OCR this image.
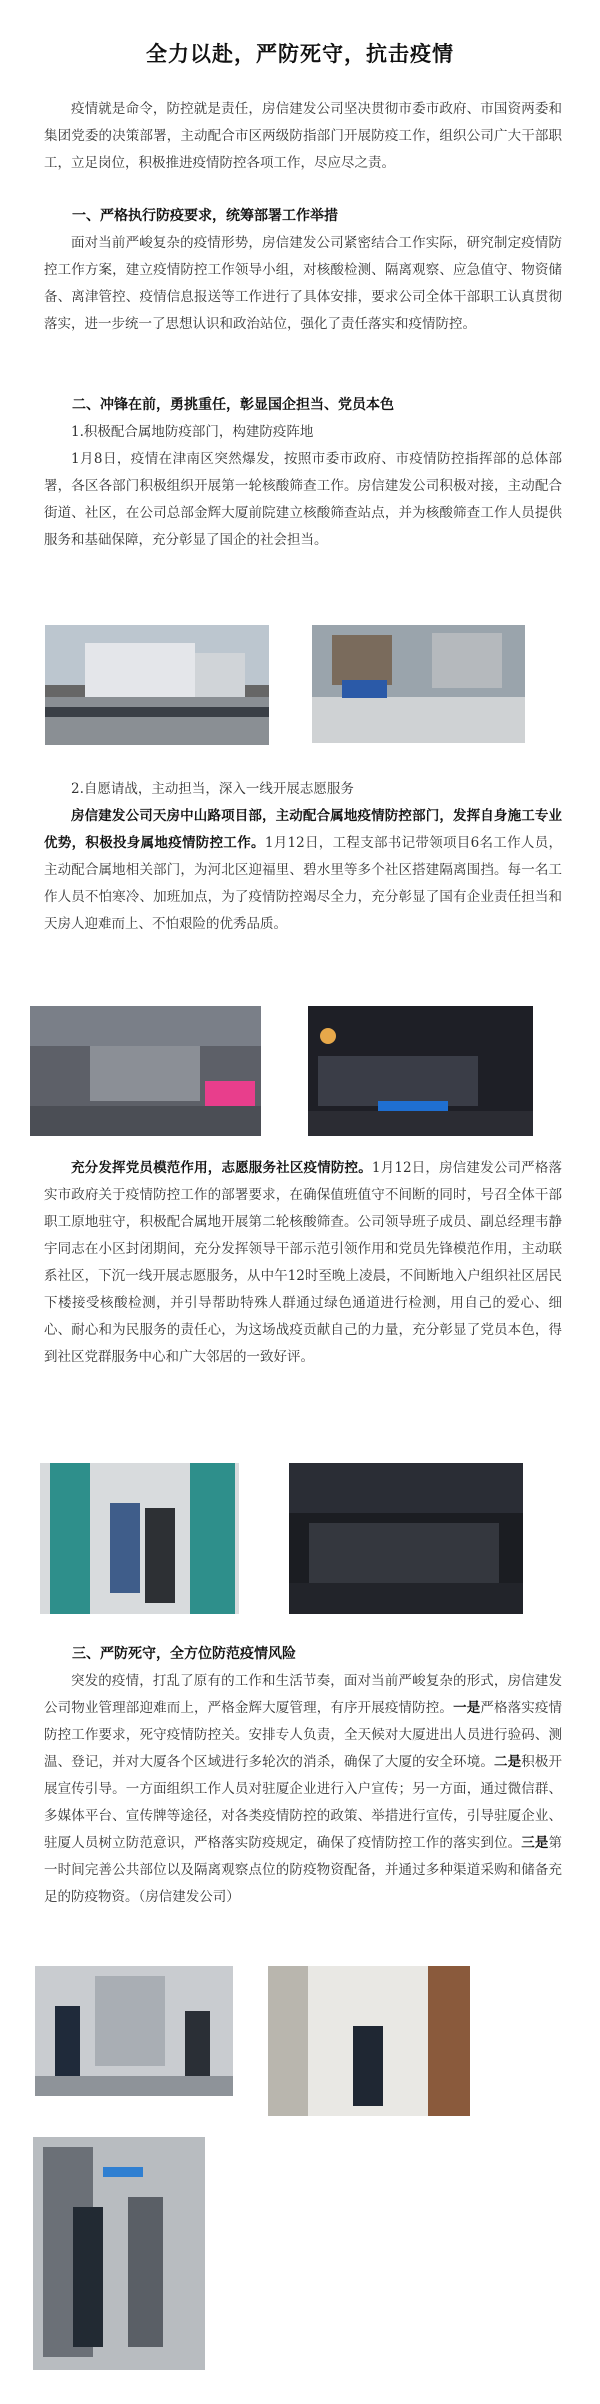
全力以赴，严防死守，抗击疫情

疫情就是命令，防控就是责任，房信建发公司坚决贯彻市委市政府、市国资两委和集团党委的决策部署，主动配合市区两级防指部门开展防疫工作，组织公司广大干部职工，立足岗位，积极推进疫情防控各项工作，尽应尽之责。

一、严格执行防疫要求，统筹部署工作举措

面对当前严峻复杂的疫情形势，房信建发公司紧密结合工作实际，研究制定疫情防控工作方案，建立疫情防控工作领导小组，对核酸检测、隔离观察、应急值守、物资储备、离津管控、疫情信息报送等工作进行了具体安排，要求公司全体干部职工认真贯彻落实，进一步统一了思想认识和政治站位，强化了责任落实和疫情防控。

二、冲锋在前，勇挑重任，彰显国企担当、党员本色
1.积极配合属地防疫部门，构建防疫阵地

1月8日，疫情在津南区突然爆发，按照市委市政府、市疫情防控指挥部的总体部署，各区各部门积极组织开展第一轮核酸筛查工作。房信建发公司积极对接，主动配合街道、社区，在公司总部金辉大厦前院建立核酸筛查站点，并为核酸筛查工作人员提供服务和基础保障，充分彰显了国企的社会担当。

2.自愿请战，主动担当，深入一线开展志愿服务

房信建发公司天房中山路项目部，主动配合属地疫情防控部门，发挥自身施工专业优势，积极投身属地疫情防控工作。1月12日，工程支部书记带领项目6名工作人员，主动配合属地相关部门，为河北区迎福里、碧水里等多个社区搭建隔离围挡。每一名工作人员不怕寒冷、加班加点，为了疫情防控竭尽全力，充分彰显了国有企业责任担当和天房人迎难而上、不怕艰险的优秀品质。

充分发挥党员模范作用，志愿服务社区疫情防控。1月12日，房信建发公司严格落实市政府关于疫情防控工作的部署要求，在确保值班值守不间断的同时，号召全体干部职工原地驻守，积极配合属地开展第二轮核酸筛查。公司领导班子成员、副总经理韦静宇同志在小区封闭期间，充分发挥领导干部示范引领作用和党员先锋模范作用，主动联系社区，下沉一线开展志愿服务，从中午12时至晚上凌晨，不间断地入户组织社区居民下楼接受核酸检测，并引导帮助特殊人群通过绿色通道进行检测，用自己的爱心、细心、耐心和为民服务的责任心，为这场战疫贡献自己的力量，充分彰显了党员本色，得到社区党群服务中心和广大邻居的一致好评。

三、严防死守，全方位防范疫情风险

突发的疫情，打乱了原有的工作和生活节奏，面对当前严峻复杂的形式，房信建发公司物业管理部迎难而上，严格金辉大厦管理，有序开展疫情防控。一是严格落实疫情防控工作要求，死守疫情防控关。安排专人负责，全天候对大厦进出人员进行验码、测温、登记，并对大厦各个区域进行多轮次的消杀，确保了大厦的安全环境。二是积极开展宣传引导。一方面组织工作人员对驻厦企业进行入户宣传；另一方面，通过微信群、多媒体平台、宣传牌等途径，对各类疫情防控的政策、举措进行宣传，引导驻厦企业、驻厦人员树立防范意识，严格落实防疫规定，确保了疫情防控工作的落实到位。三是第一时间完善公共部位以及隔离观察点位的防疫物资配备，并通过多种渠道采购和储备充足的防疫物资。（房信建发公司）
